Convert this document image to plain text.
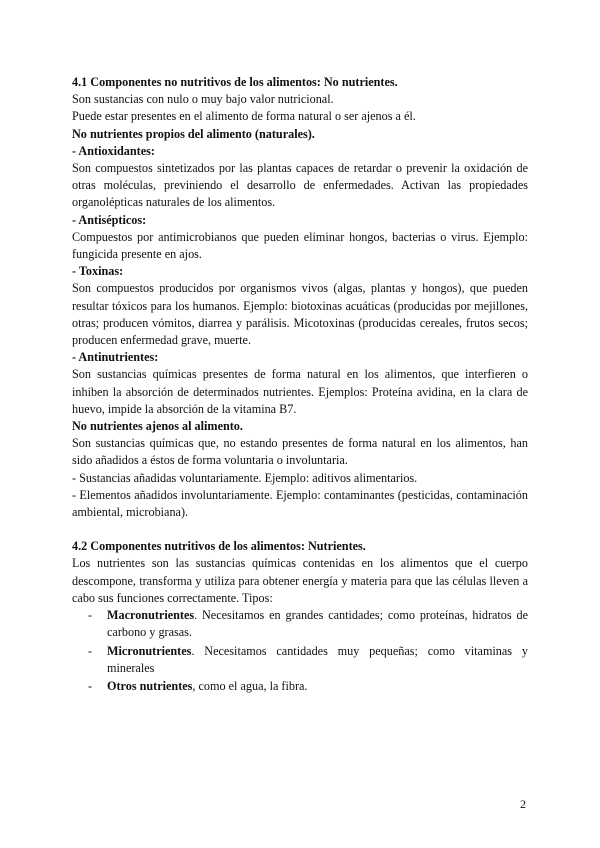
4.1 Componentes no nutritivos de los alimentos: No nutrientes.

Son sustancias con nulo o muy bajo valor nutricional.

Puede estar presentes en el alimento de forma natural o ser ajenos a él.

No nutrientes propios del alimento (naturales).

- Antioxidantes:

Son compuestos sintetizados por las plantas capaces de retardar o prevenir la oxidación de otras moléculas, previniendo el desarrollo de enfermedades. Activan las propiedades organolépticas naturales de los alimentos.

- Antisépticos:

Compuestos por antimicrobianos que pueden eliminar hongos, bacterias o virus. Ejemplo: fungicida presente en ajos.

- Toxinas:

Son compuestos producidos por organismos vivos (algas, plantas y hongos), que pueden resultar tóxicos para los humanos. Ejemplo: biotoxinas acuáticas (producidas por mejillones, otras; producen vómitos, diarrea y parálisis. Micotoxinas (producidas cereales, frutos secos; producen enfermedad grave, muerte.

- Antinutrientes:

Son sustancias químicas presentes de forma natural en los alimentos, que interfieren o inhiben la absorción de determinados nutrientes. Ejemplos: Proteína avidina, en la clara de huevo, impide la absorción de la vitamina B7.

No nutrientes ajenos al alimento.

Son sustancias químicas que, no estando presentes de forma natural en los alimentos, han sido añadidos a éstos de forma voluntaria o involuntaria.

- Sustancias añadidas voluntariamente. Ejemplo: aditivos alimentarios.

- Elementos añadidos involuntariamente. Ejemplo: contaminantes (pesticidas, contaminación ambiental, microbiana).

4.2 Componentes nutritivos de los alimentos: Nutrientes.

Los nutrientes son las sustancias químicas contenidas en los alimentos que el cuerpo descompone, transforma y utiliza para obtener energía y materia para que las células lleven a cabo sus funciones correctamente. Tipos:

- Macronutrientes. Necesitamos en grandes cantidades; como proteínas, hidratos de carbono y grasas.
- Micronutrientes. Necesitamos cantidades muy pequeñas; como vitaminas y minerales
- Otros nutrientes, como el agua, la fibra.
2
